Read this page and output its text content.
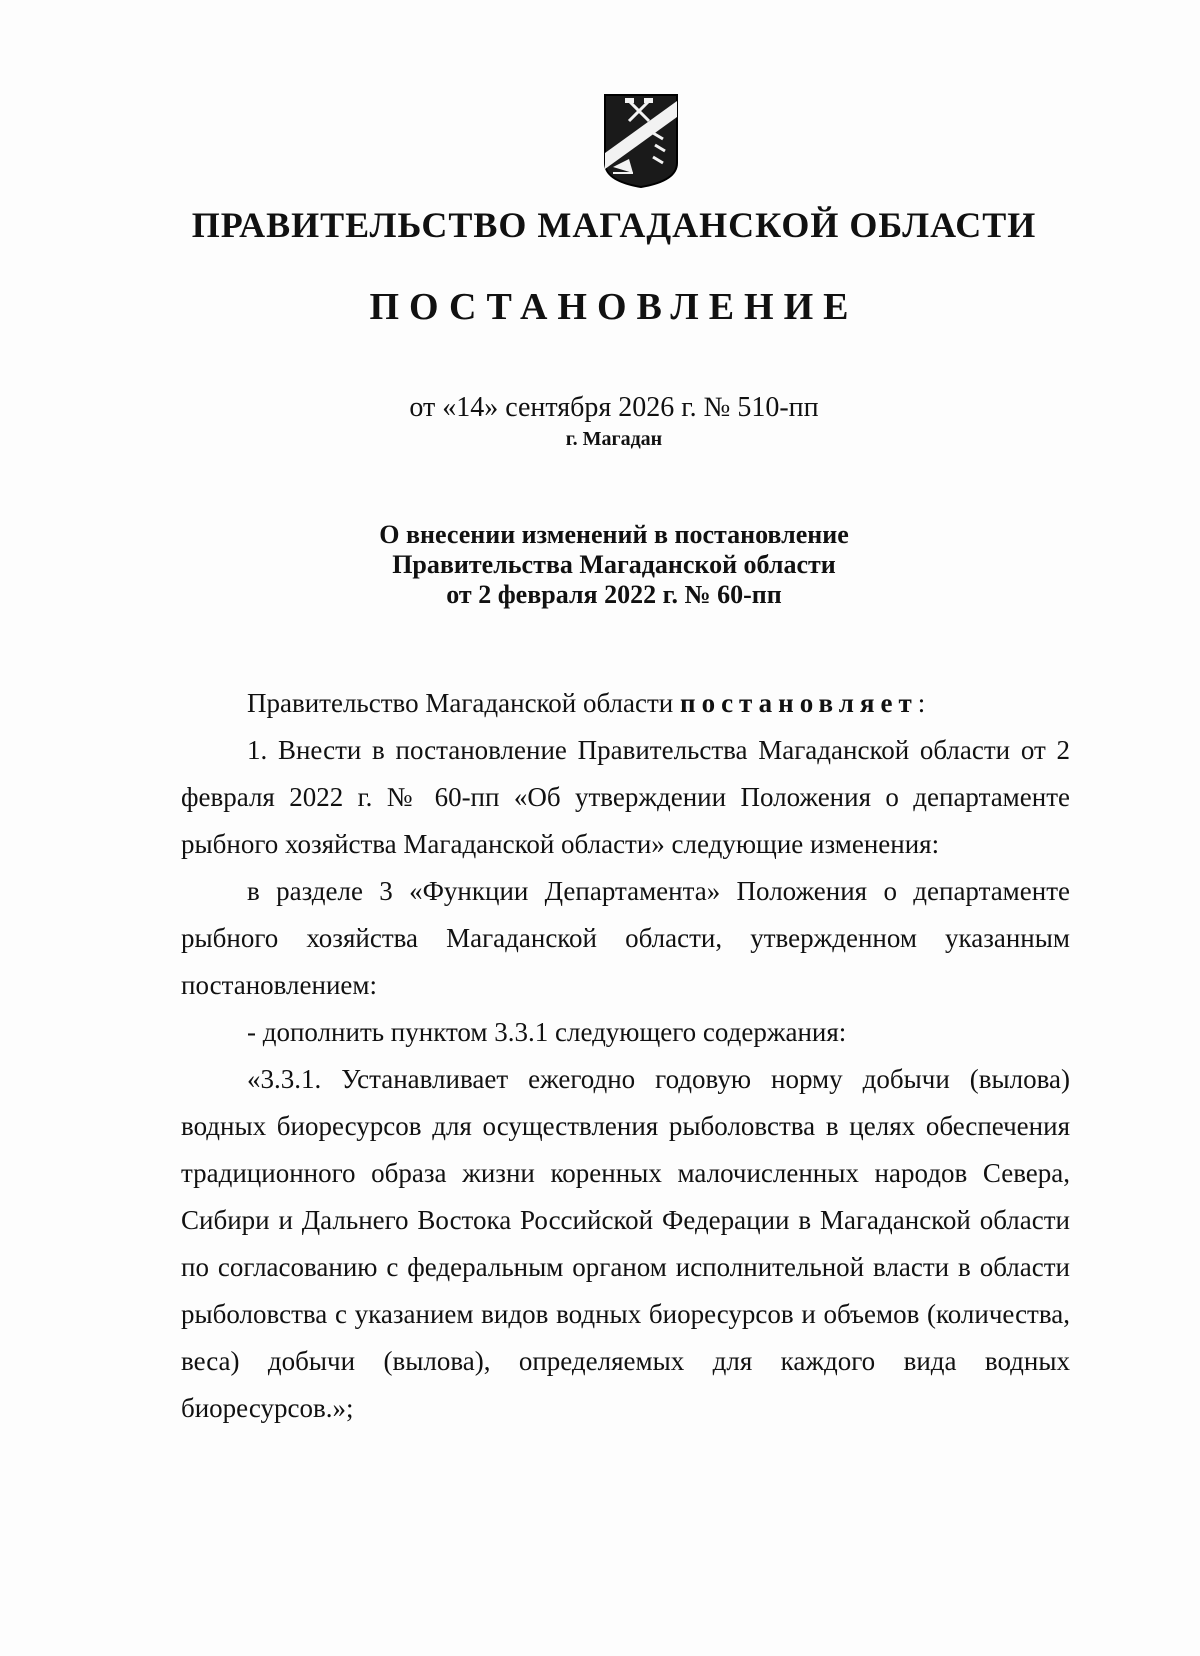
ПРАВИТЕЛЬСТВО МАГАДАНСКОЙ ОБЛАСТИ
ПОСТАНОВЛЕНИЕ
от «14» сентября 2026 г. № 510-пп
г. Магадан
О внесении изменений в постановление
Правительства Магаданской области
от 2 февраля 2022 г. № 60-пп

Правительство Магаданской области постановляет:

1. Внести в постановление Правительства Магаданской области от 2 февраля 2022 г. № 60-пп «Об утверждении Положения о департаменте рыбного хозяйства Магаданской области» следующие изменения:

в разделе 3 «Функции Департамента» Положения о департаменте рыбного хозяйства Магаданской области, утвержденном указанным постановлением:

- дополнить пунктом 3.3.1 следующего содержания:

«3.3.1. Устанавливает ежегодно годовую норму добычи (вылова) водных биоресурсов для осуществления рыболовства в целях обеспечения традиционного образа жизни коренных малочисленных народов Севера, Сибири и Дальнего Востока Российской Федерации в Магаданской области по согласованию с федеральным органом исполнительной власти в области рыболовства с указанием видов водных биоресурсов и объемов (количества, веса) добычи (вылова), определяемых для каждого вида водных биоресурсов.»;
